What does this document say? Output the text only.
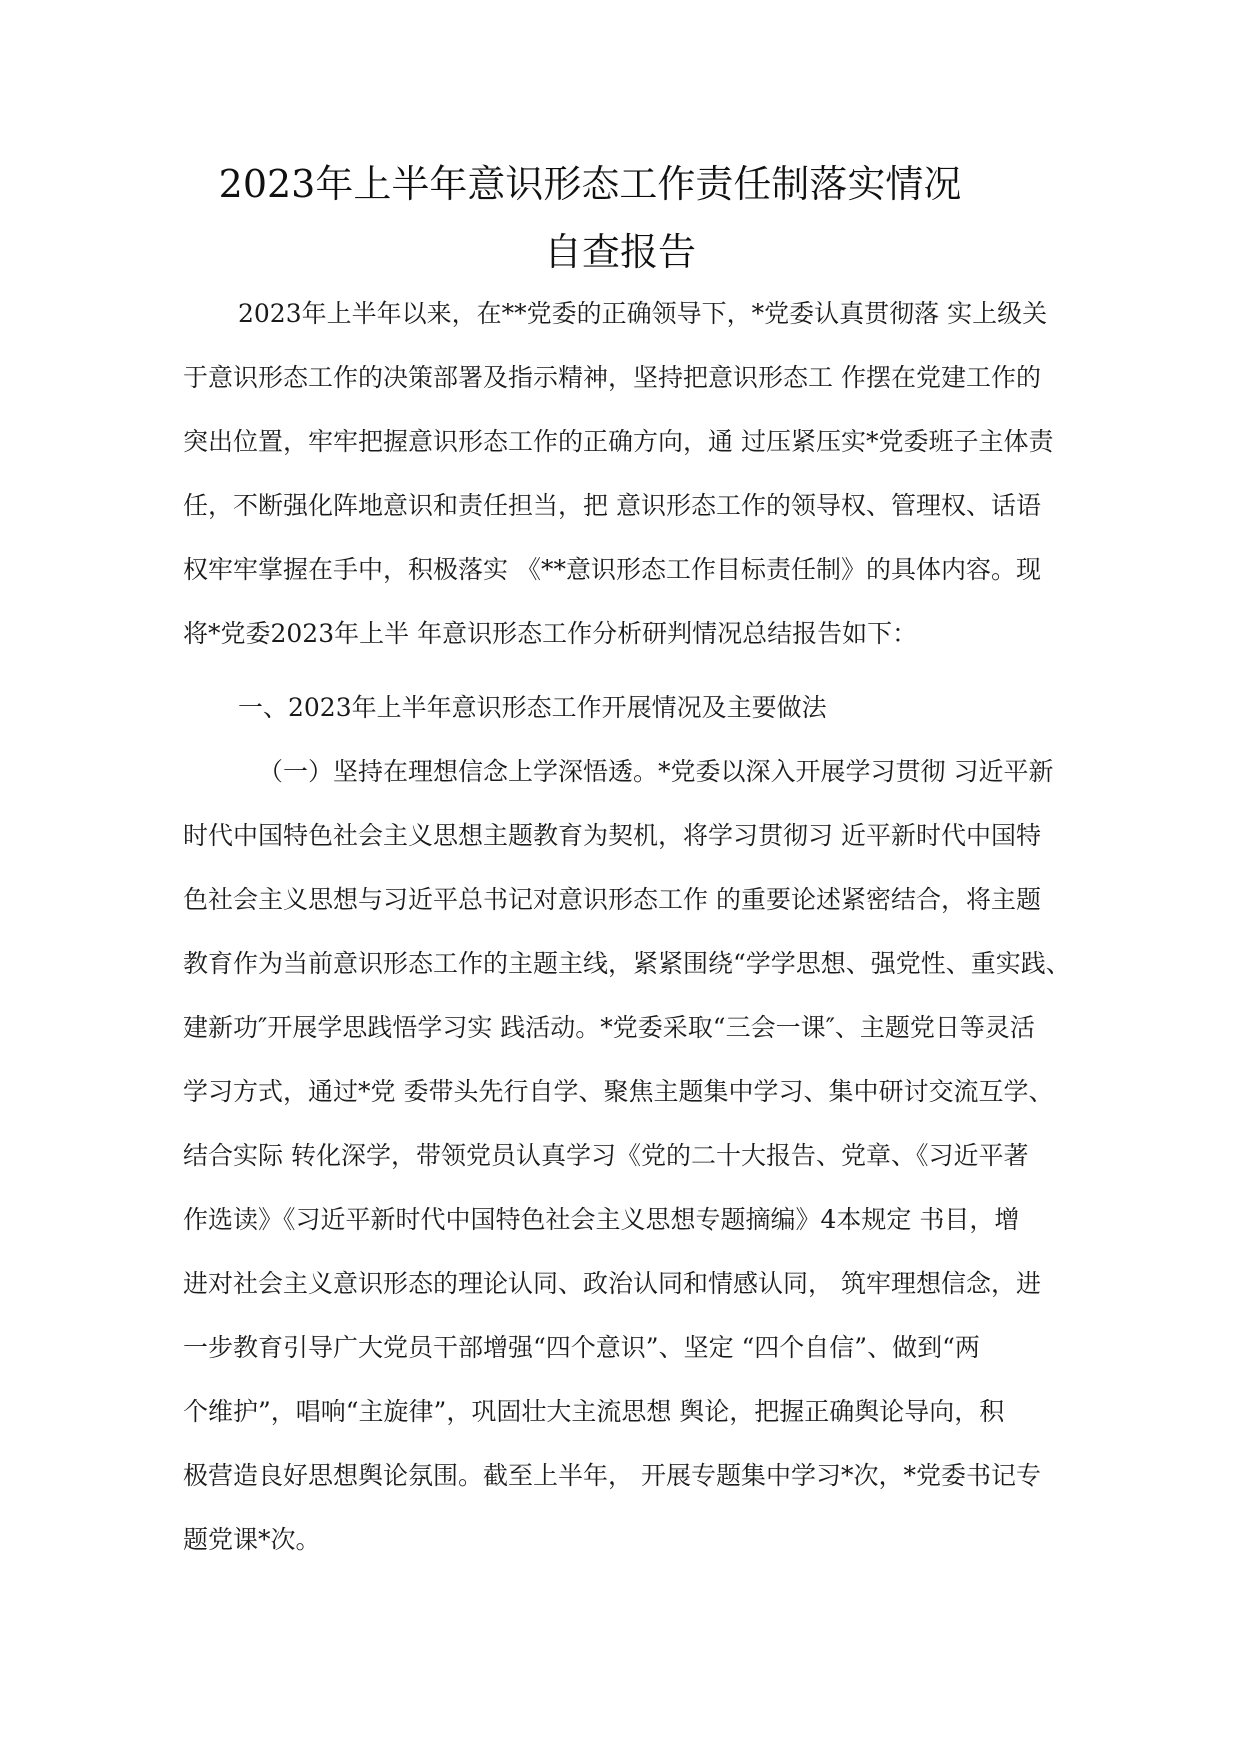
2023年上半年意识形态工作责任制落实情况
自查报告
2023年上半年以来，在**党委的正确领导下，*党委认真贯彻落 实上级关
于意识形态工作的决策部署及指示精神，坚持把意识形态工 作摆在党建工作的
突出位置，牢牢把握意识形态工作的正确方向，通 过压紧压实*党委班子主体责
任，不断强化阵地意识和责任担当，把 意识形态工作的领导权、管理权、话语
权牢牢掌握在手中，积极落实 《**意识形态工作目标责任制》的具体内容。现
将*党委2023年上半 年意识形态工作分析研判情况总结报告如下：
一、2023年上半年意识形态工作开展情况及主要做法
（一）坚持在理想信念上学深悟透。*党委以深入开展学习贯彻 习近平新
时代中国特色社会主义思想主题教育为契机，将学习贯彻习 近平新时代中国特
色社会主义思想与习近平总书记对意识形态工作 的重要论述紧密结合，将主题
教育作为当前意识形态工作的主题主线，紧紧围绕“学学思想、强党性、重实践、
建新功″开展学思践悟学习实 践活动。*党委采取“三会一课″、主题党日等灵活
学习方式，通过*党 委带头先行自学、聚焦主题集中学习、集中研讨交流互学、
结合实际 转化深学，带领党员认真学习《党的二十大报告、党章、《习近平著
作选读》《习近平新时代中国特色社会主义思想专题摘编》4本规定 书目，增
进对社会主义意识形态的理论认同、政治认同和情感认同， 筑牢理想信念，进
一步教育引导广大党员干部增强“四个意识”、坚定 “四个自信”、做到“两
个维护”，唱响“主旋律”，巩固壮大主流思想 舆论，把握正确舆论导向，积
极营造良好思想舆论氛围。截至上半年， 开展专题集中学习*次，*党委书记专
题党课*次。
